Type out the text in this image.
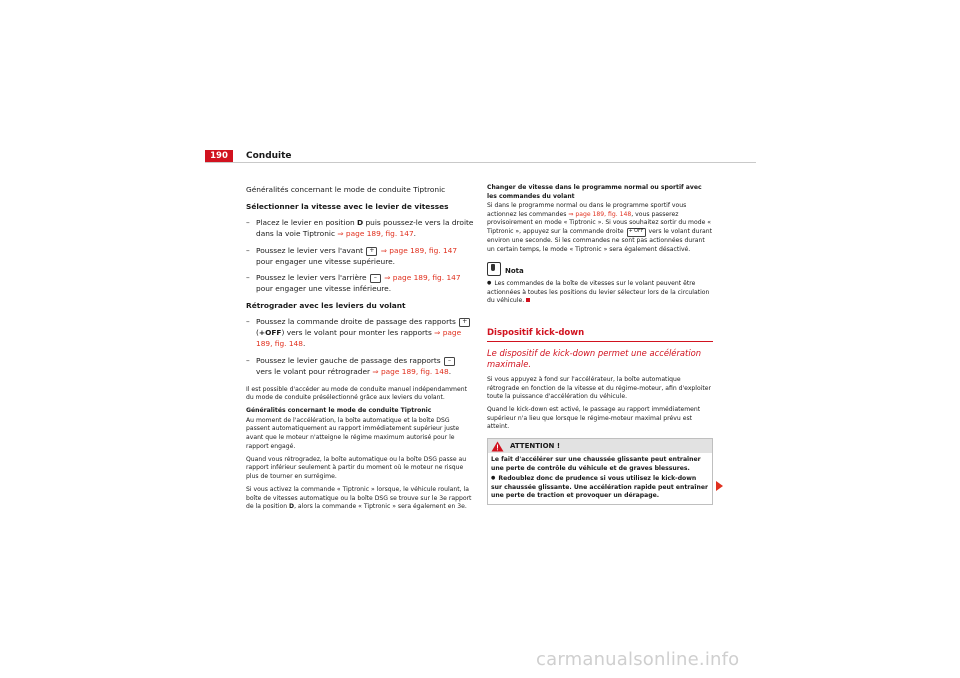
190	Conduite

Généralités concernant le mode de conduite Tiptronic

Sélectionner la vitesse avec le levier de vitesses

– Placez le levier en position D puis poussez-le vers la droite dans la voie Tiptronic ⇒ page 189, fig. 147.

– Poussez le levier vers l'avant + ⇒ page 189, fig. 147 pour engager une vitesse supérieure.

– Poussez le levier vers l'arrière – ⇒ page 189, fig. 147 pour engager une vitesse inférieure.

Rétrograder avec les leviers du volant

– Poussez la commande droite de passage des rapports + (+OFF) vers le volant pour monter les rapports ⇒ page 189, fig. 148.

– Poussez le levier gauche de passage des rapports – vers le volant pour rétrograder ⇒ page 189, fig. 148.

Il est possible d'accéder au mode de conduite manuel indépendamment du mode de conduite présélectionné grâce aux leviers du volant.

Généralités concernant le mode de conduite Tiptronic

Au moment de l'accélération, la boîte automatique et la boîte DSG passent automatiquement au rapport immédiatement supérieur juste avant que le moteur n'atteigne le régime maximum autorisé pour le rapport engagé.

Quand vous rétrogradez, la boîte automatique ou la boîte DSG passe au rapport inférieur seulement à partir du moment où le moteur ne risque plus de tourner en surrégime.

Si vous activez la commande « Tiptronic » lorsque, le véhicule roulant, la boîte de vitesses automatique ou la boîte DSG se trouve sur le 3e rapport de la position D, alors la commande « Tiptronic » sera également en 3e.

Changer de vitesse dans le programme normal ou sportif avec les commandes du volant

Si dans le programme normal ou dans le programme sportif vous actionnez les commandes ⇒ page 189, fig. 148, vous passerez provisoirement en mode « Tiptronic ». Si vous souhaitez sortir du mode « Tiptronic », appuyez sur la commande droite + OFF vers le volant durant environ une seconde. Si les commandes ne sont pas actionnées durant un certain temps, le mode « Tiptronic » sera également désactivé.

Nota

● Les commandes de la boîte de vitesses sur le volant peuvent être actionnées à toutes les positions du levier sélecteur lors de la circulation du véhicule.

Dispositif kick-down
Le dispositif de kick-down permet une accélération maximale.

Si vous appuyez à fond sur l'accélérateur, la boîte automatique rétrograde en fonction de la vitesse et du régime-moteur, afin d'exploiter toute la puissance d'accélération du véhicule.

Quand le kick-down est activé, le passage au rapport immédiatement supérieur n'a lieu que lorsque le régime-moteur maximal prévu est atteint.

ATTENTION !

Le fait d'accélérer sur une chaussée glissante peut entraîner une perte de contrôle du véhicule et de graves blessures.

● Redoublez donc de prudence si vous utilisez le kick-down sur chaussée glissante. Une accélération rapide peut entraîner une perte de traction et provoquer un dérapage.

carmanualsonline.info
